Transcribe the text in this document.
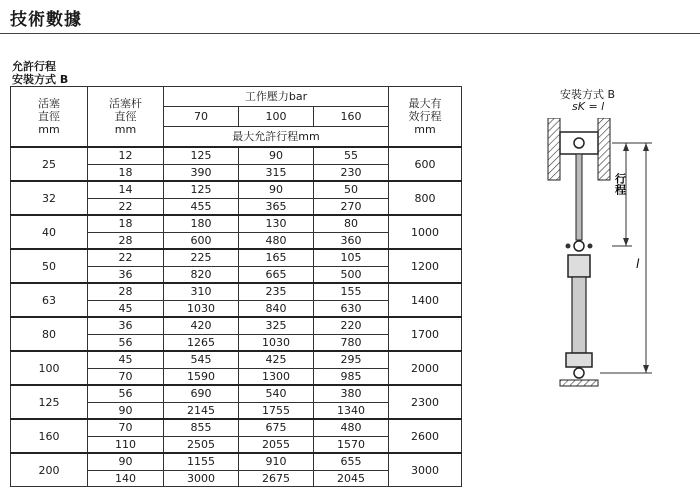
技術數據
允許行程
安裝方式 B
活塞
直徑
mm	活塞杆
直徑
mm	工作壓力bar			最大有
效行程
mm

		70	100	160	
		最大允許行程mm			
25	12	125	90	55	600
	18	390	315	230	
32	14	125	90	50	800
	22	455	365	270	
40	18	180	130	80	1000
	28	600	480	360	
50	22	225	165	105	1200
	36	820	665	500	
63	28	310	235	155	1400
	45	1030	840	630	
80	36	420	325	220	1700
	56	1265	1030	780	
100	45	545	425	295	2000
	70	1590	1300	985	
125	56	690	540	380	2300
	90	2145	1755	1340	
160	70	855	675	480	2600
	110	2505	2055	1570	
200	90	1155	910	655	3000
	140	3000	2675	2045	
安裝方式 B
sK = l
行程
l
